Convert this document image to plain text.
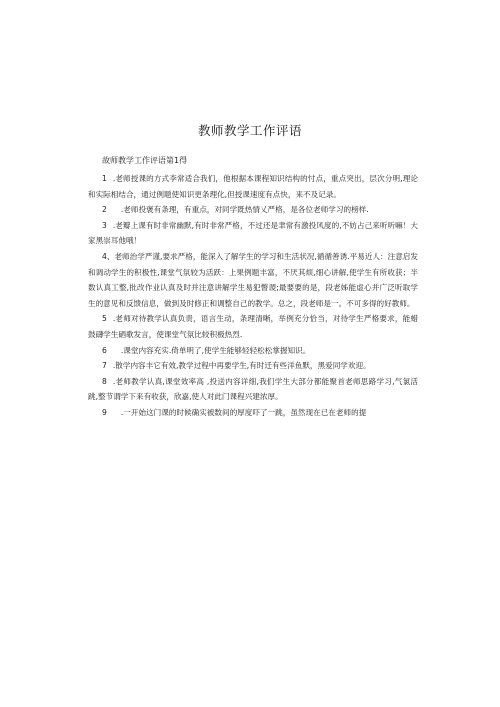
教师教学工作评语
故师教学工作评语第1得

1 .老师授课的方式李常适合我们，他根据本课程知识结构的忖点，重点突出，层次分明,理论和实际相结合，通过例题使知识更条理化,但授课速度有点快，来不及记录。

2 .老师投褒有条理，有重点，对同学既热情乂严格，是各位老师学习的榜样.

3 .老瓣上课有时非常幽默,有时非常严格，不过还是聿常有激投风度的,不妨占己来听听嘛！大家黑崇耳他哦！

4、老师治学严谨,要求严格，能深入了解学生的学习和生活状况,循循善诱.平易近人：注意启发和调动学生的积极性,课堂气氛较为活跃：上果例题丰富，不厌其烦,细心讲解,使学生有所收获；半数认真工整,批改作业认真及时并注意讲解学生易犯瞥谡;最要要的是，段老姊能虚心并广泛听取学生的意见和反馈信息，做到及时修正和调整自己的教学。总之，段老师是一。不可多得的好教师。

5 .老师对待教学认真负责，语言生动，条理清晰，举例充分恰当，对待学生严格要求，能蜡鼓礴学生硒歌发言，使课堂气氛比较积极热烈.

6 .课堂内容充实.倚单明了,使学生能够轻轻松松掌握知识。

7 .散学内容丰它有效,教学过程中再要学生,有时迁有些洋鱼默，黑爱同学欢迎。

8 .老师教学认真,课堂效率高 ,投送内容详细,我们学生大部分都能聚首老师思路学习,气氯活跳,整节谓学下来有收获，欣嘉,使人对此门课程兴建浓厚。

9 .一开始这门课的时候确实被数间的厚度吓了一跳，虽然现在已在老师的提
